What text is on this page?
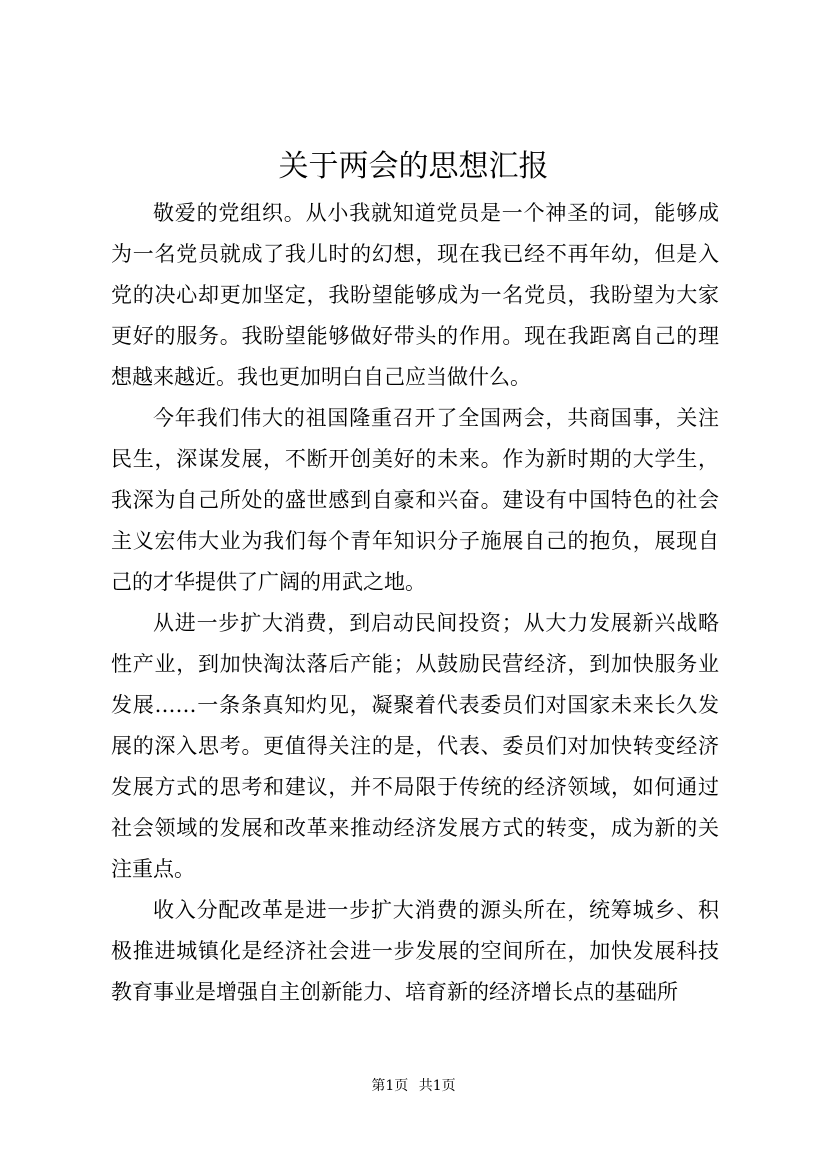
关于两会的思想汇报

敬爱的党组织。从小我就知道党员是一个神圣的词，能够成为一名党员就成了我儿时的幻想，现在我已经不再年幼，但是入党的决心却更加坚定，我盼望能够成为一名党员，我盼望为大家更好的服务。我盼望能够做好带头的作用。现在我距离自己的理想越来越近。我也更加明白自己应当做什么。

今年我们伟大的祖国隆重召开了全国两会，共商国事，关注民生，深谋发展，不断开创美好的未来。作为新时期的大学生，我深为自己所处的盛世感到自豪和兴奋。建设有中国特色的社会主义宏伟大业为我们每个青年知识分子施展自己的抱负，展现自己的才华提供了广阔的用武之地。

从进一步扩大消费，到启动民间投资；从大力发展新兴战略性产业，到加快淘汰落后产能；从鼓励民营经济，到加快服务业发展……一条条真知灼见，凝聚着代表委员们对国家未来长久发展的深入思考。更值得关注的是，代表、委员们对加快转变经济发展方式的思考和建议，并不局限于传统的经济领域，如何通过社会领域的发展和改革来推动经济发展方式的转变，成为新的关注重点。

收入分配改革是进一步扩大消费的源头所在，统筹城乡、积极推进城镇化是经济社会进一步发展的空间所在，加快发展科技教育事业是增强自主创新能力、培育新的经济增长点的基础所

第1页 共1页
